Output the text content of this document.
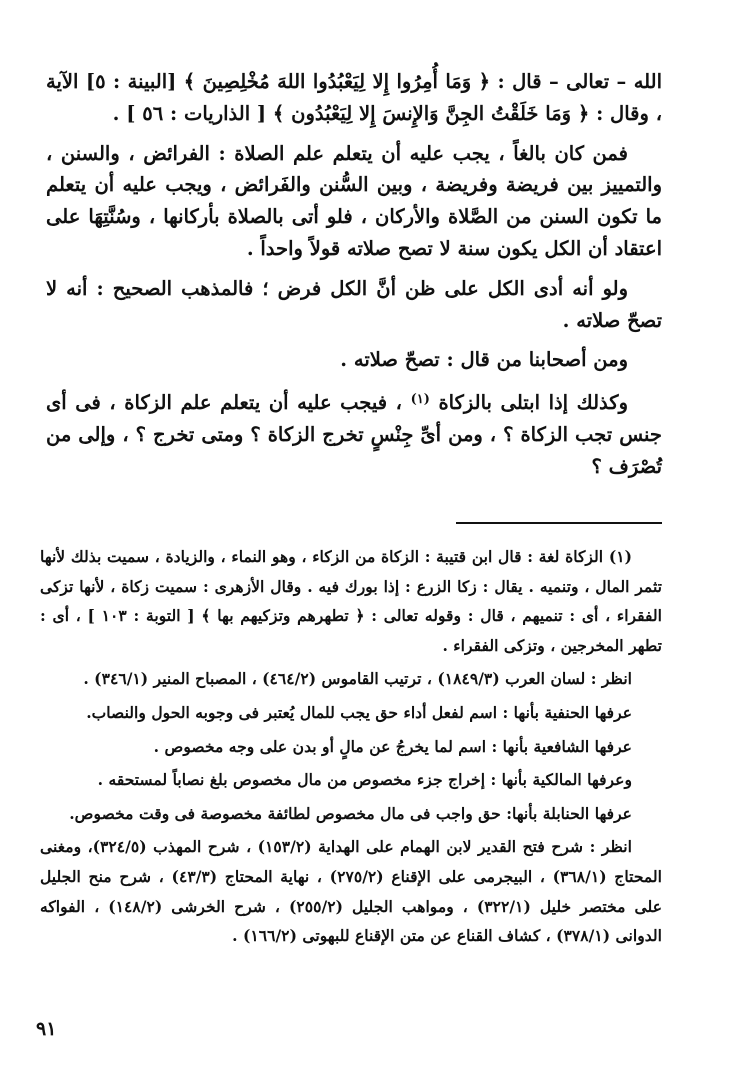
الله – تعالى – قال : ﴿ وَمَا أُمِرُوا إِلا لِيَعْبُدُوا اللهَ مُخْلِصِينَ ﴾ [البينة : ٥] الآية ، وقال : ﴿ وَمَا خَلَقْتُ الجِنَّ وَالإِنسَ إِلا لِيَعْبُدُون ﴾ [ الذاريات : ٥٦ ] .

فمن كان بالغاً ، يجب عليه أن يتعلم علم الصلاة : الفرائض ، والسنن ، والتمييز بين فريضة وفريضة ، وبين السُّنن والفَرائض ، ويجب عليه أن يتعلم ما تكون السنن من الصَّلاة والأركان ، فلو أتى بالصلاة بأركانها ، وسُنَّتِهَا على اعتقاد أن الكل يكون سنة لا تصح صلاته قولاً واحداً .

ولو أنه أدى الكل على ظن أنَّ الكل فرض ؛ فالمذهب الصحيح : أنه لا تصحّ صلاته .

ومن أصحابنا من قال : تصحّ صلاته .

وكذلك إذا ابتلى بالزكاة $^{(١)}$ ، فيجب عليه أن يتعلم علم الزكاة ، فى أى جنس تجب الزكاة ؟ ، ومن أىِّ جِنْسٍ تخرج الزكاة ؟ ومتى تخرج ؟ ، وإلى من تُصْرَف ؟

(١) الزكاة لغة : قال ابن قتيبة : الزكاة من الزكاء ، وهو النماء ، والزيادة ، سميت بذلك لأنها تثمر المال ، وتنميه . يقال : زكا الزرع : إذا بورك فيه . وقال الأزهرى : سميت زكاة ، لأنها تزكى الفقراء ، أى : تنميهم ، قال : وقوله تعالى : ﴿ تطهرهم وتزكيهم بها ﴾ [ التوبة : ١٠٣ ] ، أى : تطهر المخرجين ، وتزكى الفقراء .

انظر : لسان العرب (١٨٤٩/٣) ، ترتيب القاموس (٤٦٤/٢) ، المصباح المنير (٣٤٦/١) .

عرفها الحنفية بأنها : اسم لفعل أداء حق يجب للمال يُعتبر فى وجوبه الحول والنصاب.

عرفها الشافعية بأنها : اسم لما يخرجُ عن مالٍ أو بدن على وجه مخصوص .

وعرفها المالكية بأنها : إخراج جزء مخصوص من مال مخصوص بلغ نصاباً لمستحقه .

عرفها الحنابلة بأنها: حق واجب فى مال مخصوص لطائفة مخصوصة فى وقت مخصوص.

انظر : شرح فتح القدير لابن الهمام على الهداية (١٥٣/٢) ، شرح المهذب (٣٢٤/٥)، ومغنى المحتاج (٣٦٨/١) ، البيجرمى على الإقناع (٢٧٥/٢) ، نهاية المحتاج (٤٣/٣) ، شرح منح الجليل على مختصر خليل (٣٢٢/١) ، ومواهب الجليل (٢٥٥/٢) ، شرح الخرشى (١٤٨/٢) ، الفواكه الدوانى (٣٧٨/١) ، كشاف القناع عن متن الإقناع للبهوتى (١٦٦/٢) .

٩١
